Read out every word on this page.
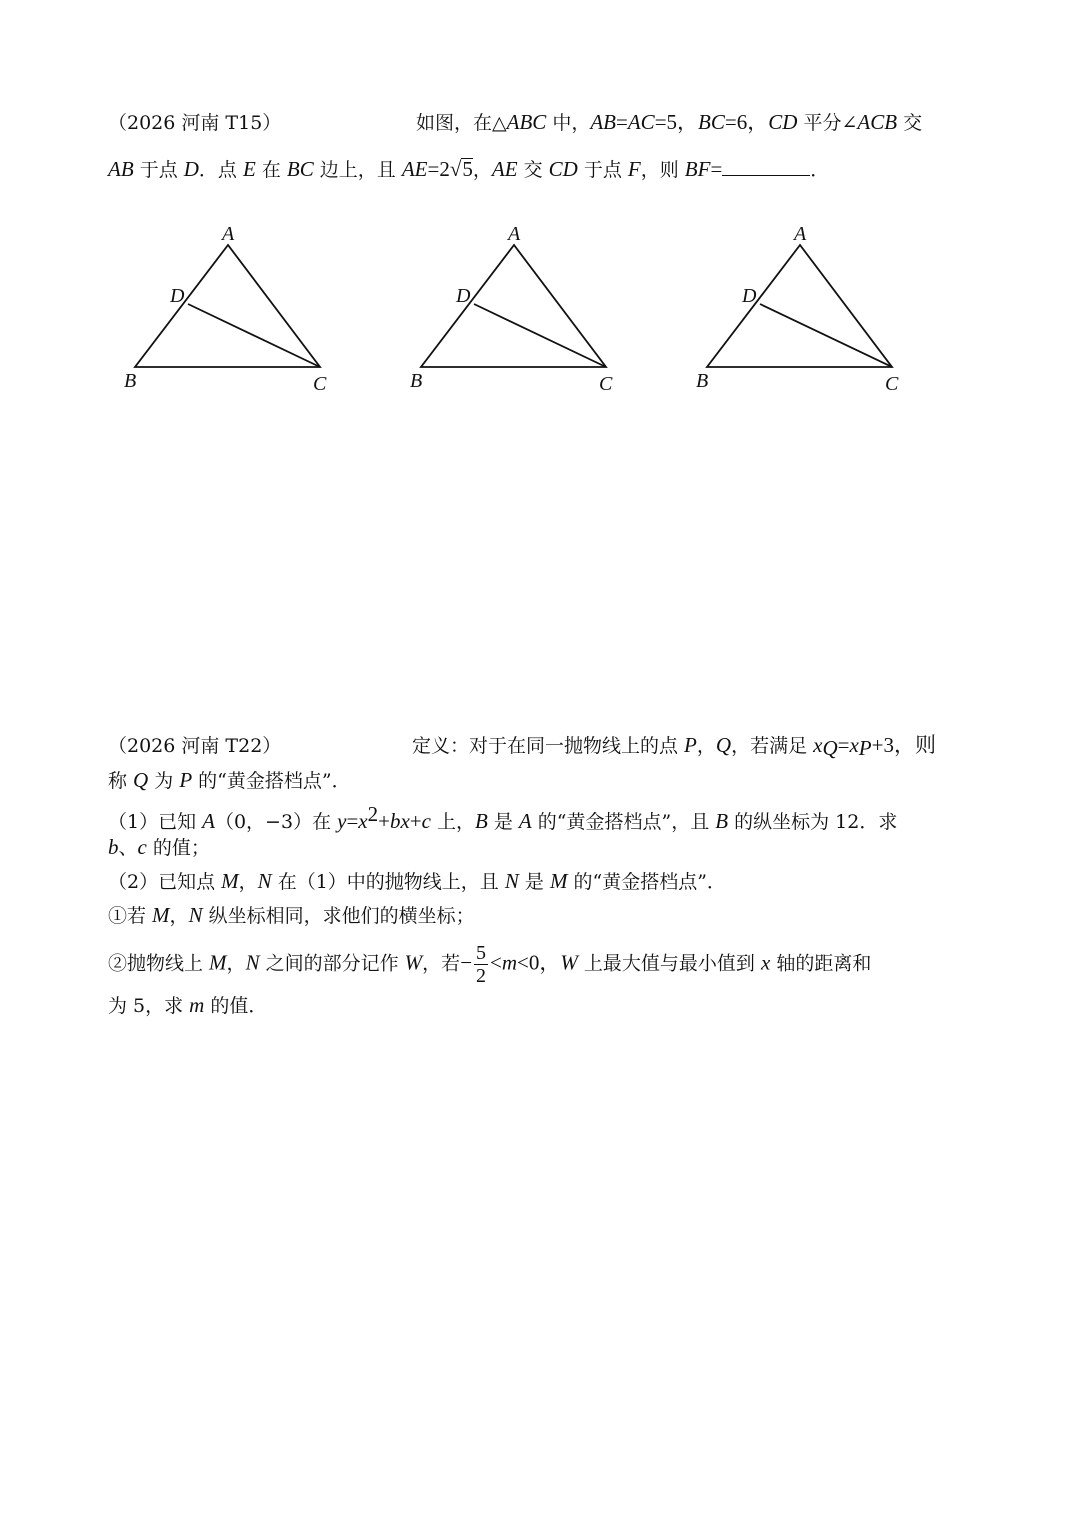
（2026 河南 T15）	如图，在△ABC 中，AB=AC=5，BC=6，CD 平分∠ACB 交
AB 于点 D．点 E 在 BC 边上，且 AE=2√5，AE 交 CD 于点 F，则 BF=	．
A
D
B	C
A
D
B	C
A
D
B	C
（2026 河南 T22）	定义：对于在同一抛物线上的点 P，Q，若满足 $x_Q=x_P+3$，则
称 Q 为 P 的“黄金搭档点”．
（1）已知 A（0，−3）在 $y=x^2+bx+c$ 上，B 是 A 的“黄金搭档点”，且 B 的纵坐标为 12．求
b、c 的值；
（2）已知点 M，N 在（1）中的抛物线上，且 N 是 M 的“黄金搭档点”．
①若 M，N 纵坐标相同，求他们的横坐标；
②抛物线上 M，N 之间的部分记作 W，若− $\frac{5}{2} <m<0$，W 上最大值与最小值到 x 轴的距离和
为 5，求 m 的值．
